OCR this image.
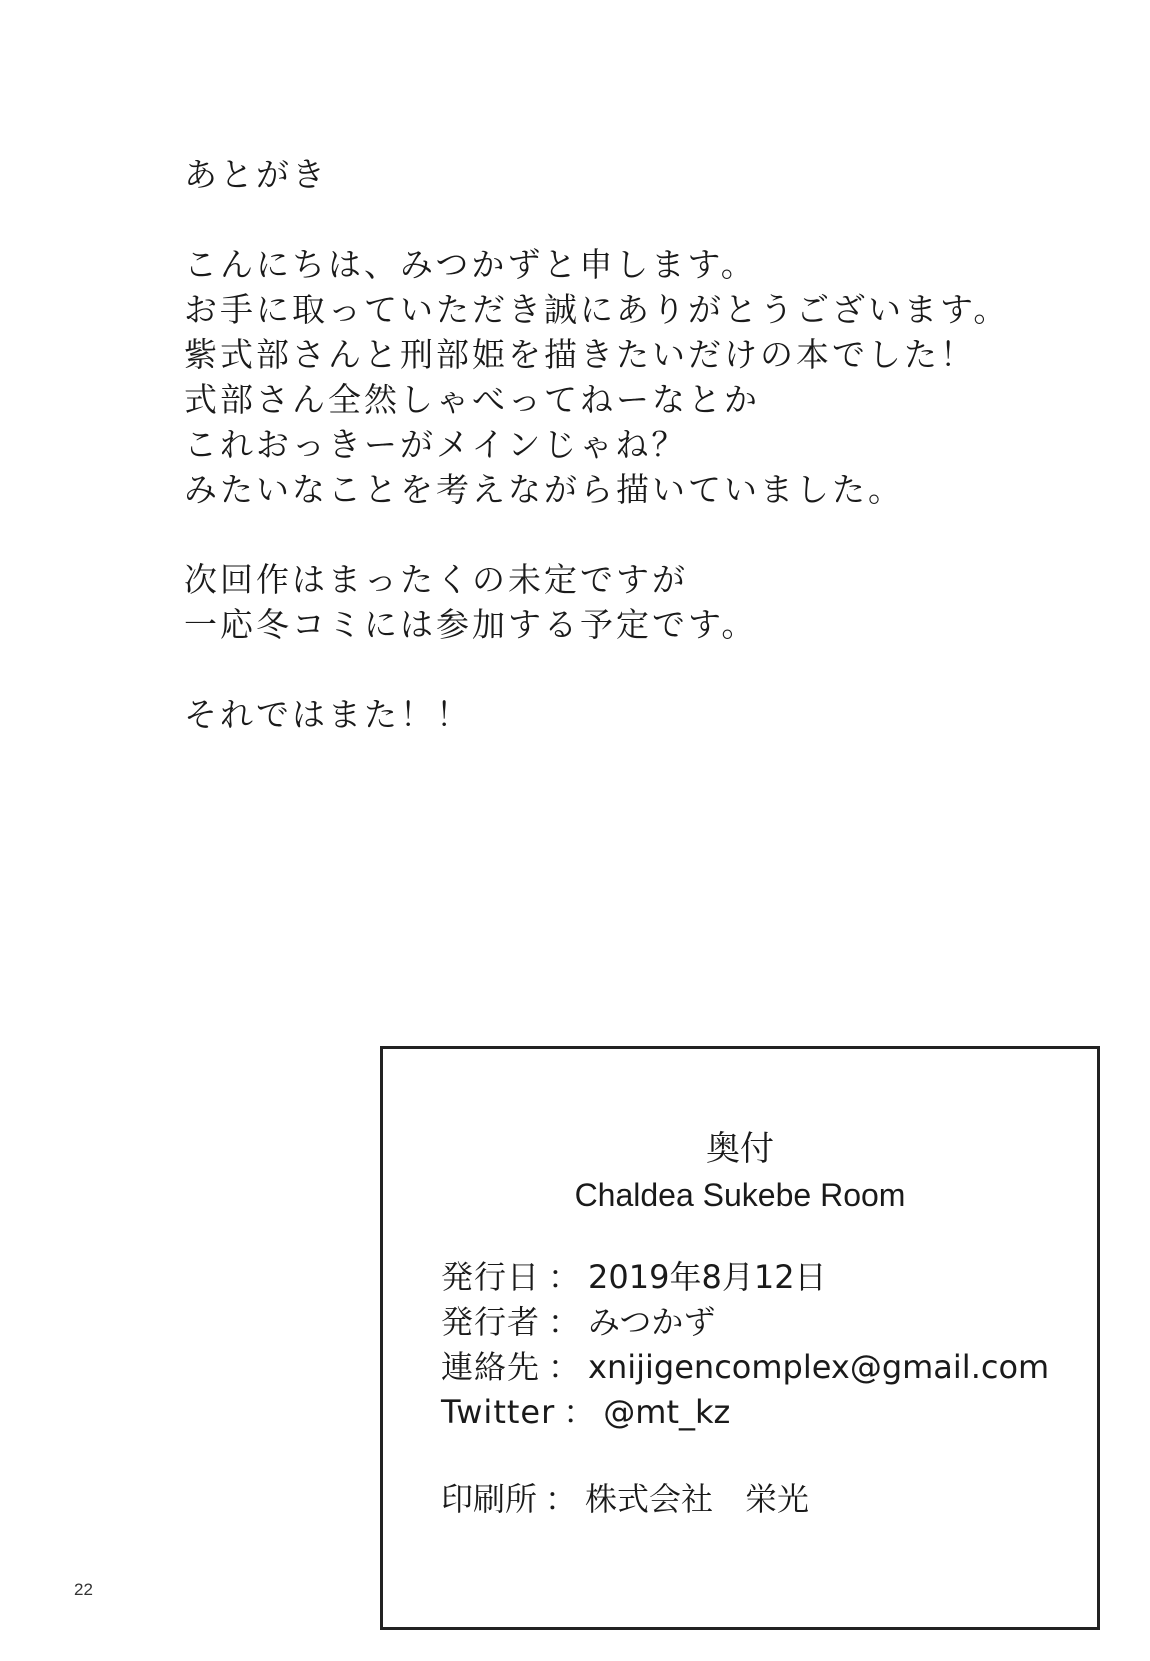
あとがき

こんにちは、みつかずと申します。
お手に取っていただき誠にありがとうございます。
紫式部さんと刑部姫を描きたいだけの本でした！
式部さん全然しゃべってねーなとか
これおっきーがメインじゃね？
みたいなことを考えながら描いていました。

次回作はまったくの未定ですが
一応冬コミには参加する予定です。

それではまた！！

奥付

Chaldea Sukebe Room

発行日 ： 2019年8月12日
発行者 ： みつかず
連絡先 ： xnijigencomplex@gmail.com
Twitter ： @mt_kz
印刷所 ： 株式会社　栄光
22
